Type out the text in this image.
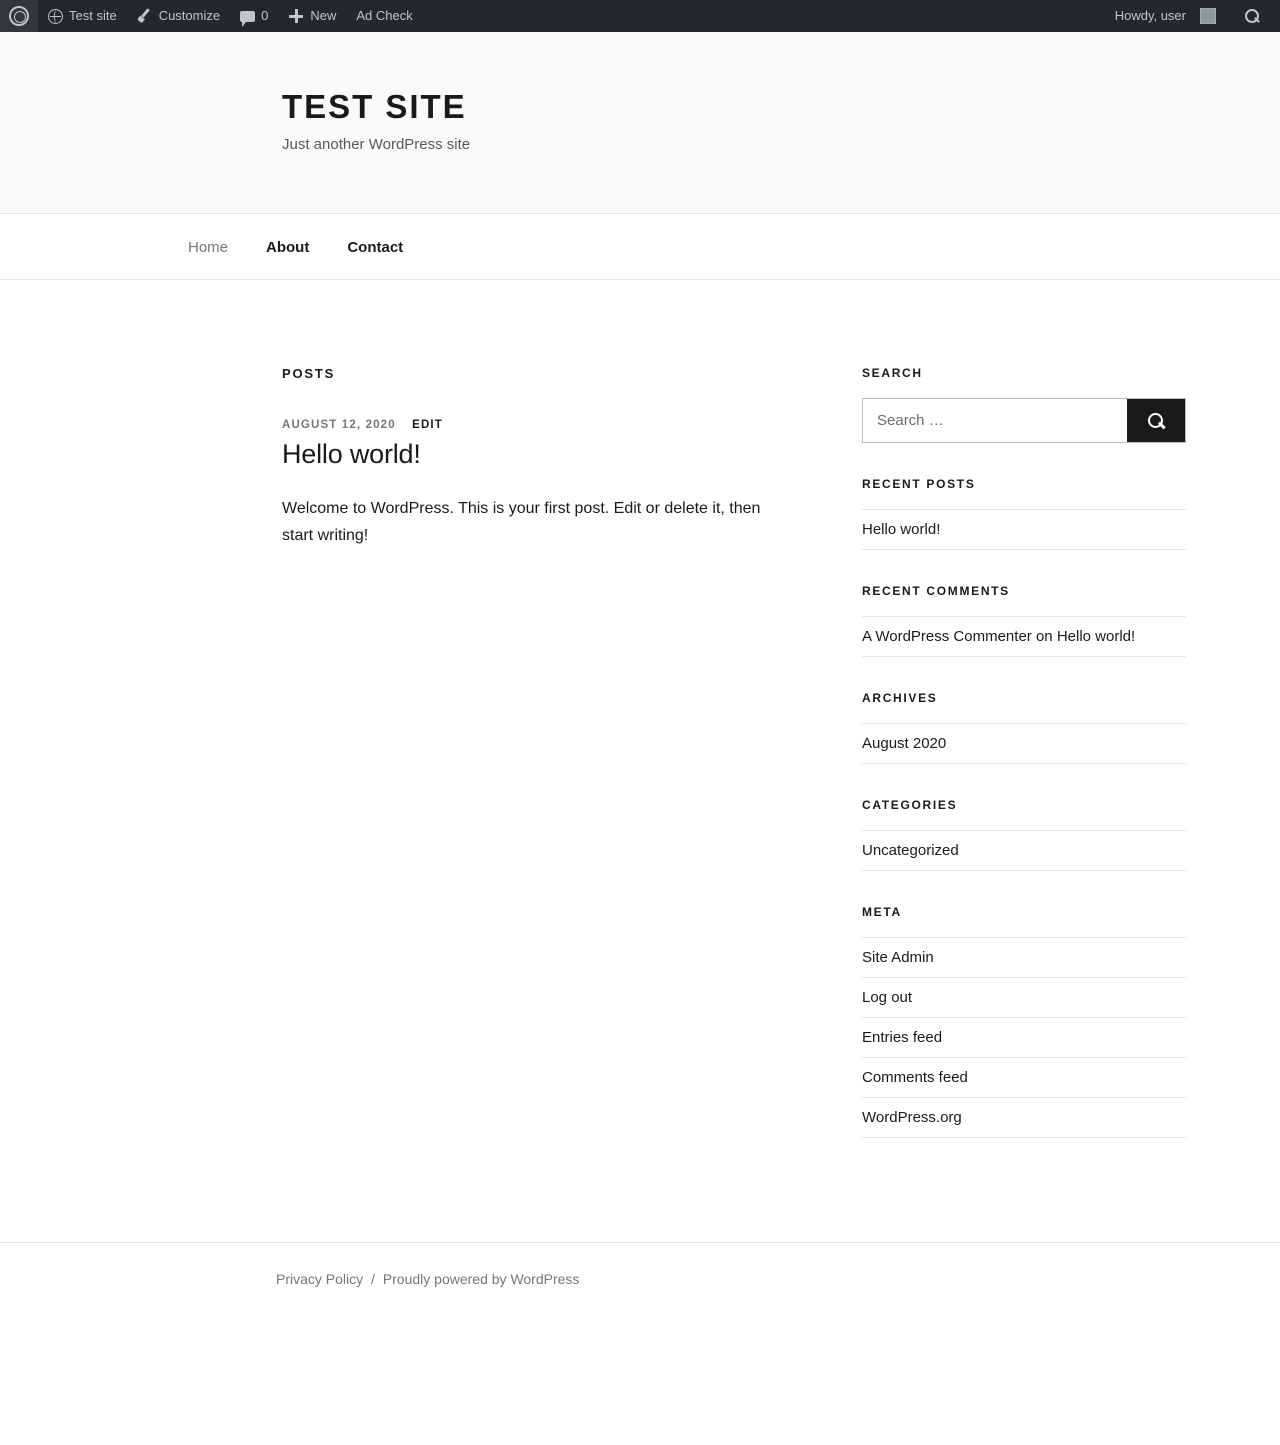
Test site	Customize	0	New Ad Check	Howdy, user
TEST SITE

Just another WordPress site

Home	About	Contact
POSTS
AUGUST 12, 2020 EDIT
Hello world!

Welcome to WordPress. This is your first post. Edit or delete it, then start writing!

SEARCH
Search …
RECENT POSTS
Hello world!
RECENT COMMENTS
A WordPress Commenter on Hello world!
ARCHIVES
August 2020
CATEGORIES
Uncategorized
META
Site Admin
Log out
Entries feed
Comments feed
WordPress.org
Privacy Policy / Proudly powered by WordPress
